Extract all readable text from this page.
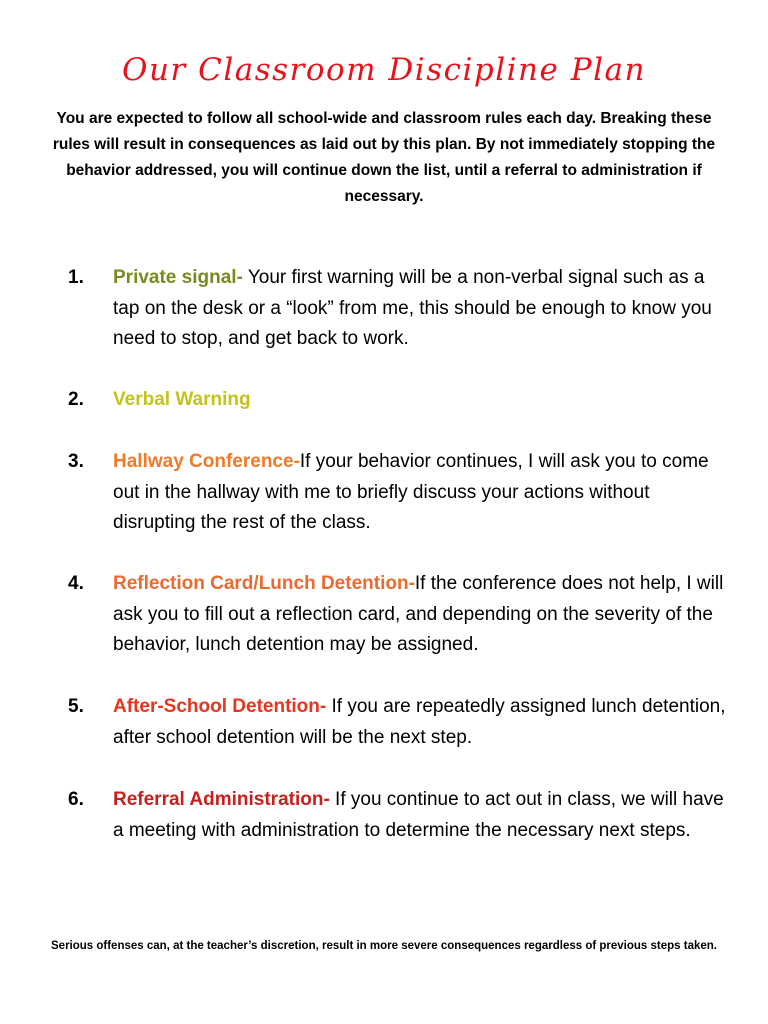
Our Classroom Discipline Plan
You are expected to follow all school-wide and classroom rules each day. Breaking these rules will result in consequences as laid out by this plan. By not immediately stopping the behavior addressed, you will continue down the list, until a referral to administration if necessary.
1. Private signal- Your first warning will be a non-verbal signal such as a tap on the desk or a “look” from me, this should be enough to know you need to stop, and get back to work.
2. Verbal Warning
3. Hallway Conference-If your behavior continues, I will ask you to come out in the hallway with me to briefly discuss your actions without disrupting the rest of the class.
4. Reflection Card/Lunch Detention-If the conference does not help, I will ask you to fill out a reflection card, and depending on the severity of the behavior, lunch detention may be assigned.
5. After-School Detention- If you are repeatedly assigned lunch detention, after school detention will be the next step.
6. Referral Administration- If you continue to act out in class, we will have a meeting with administration to determine the necessary next steps.
Serious offenses can, at the teacher’s discretion, result in more severe consequences regardless of previous steps taken.
